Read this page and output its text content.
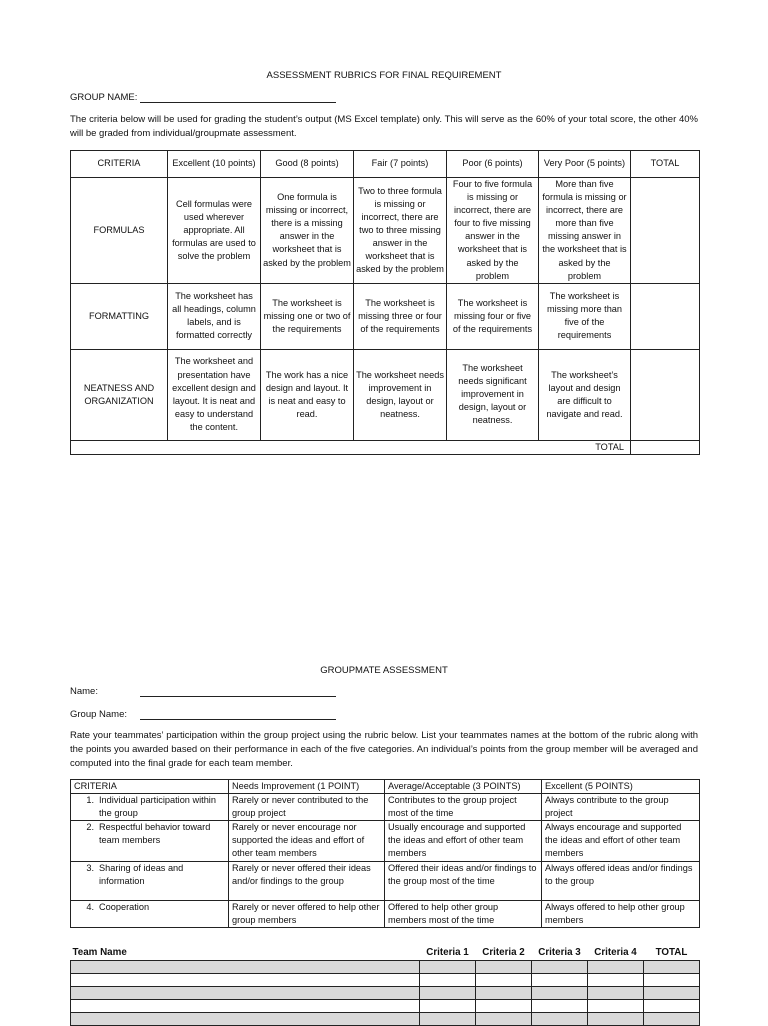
ASSESSMENT RUBRICS FOR FINAL REQUIREMENT
GROUP NAME:
The criteria below will be used for grading the student’s output (MS Excel template) only. This will serve as the 60% of your total score, the other 40% will be graded from individual/groupmate assessment.
CRITERIA	Excellent (10 points)	Good (8 points)	Fair (7 points)	Poor (6 points)	Very Poor (5 points)	TOTAL
FORMULAS	Cell formulas were used wherever appropriate. All formulas are used to solve the problem	One formula is missing or incorrect, there is a missing answer in the worksheet that is asked by the problem	Two to three formula is missing or incorrect, there are two to three missing answer in the worksheet that is asked by the problem	Four to five formula is missing or incorrect, there are four to five missing answer in the worksheet that is asked by the problem	More than five formula is missing or incorrect, there are more than five missing answer in the worksheet that is asked by the problem	
FORMATTING	The worksheet has all headings, column labels, and is formatted correctly	The worksheet is missing one or two of the requirements	The worksheet is missing three or four of the requirements	The worksheet is missing four or five of the requirements	The worksheet is missing more than five of the requirements	
NEATNESS AND ORGANIZATION	The worksheet and presentation have excellent design and layout. It is neat and easy to understand the content.	The work has a nice design and layout. It is neat and easy to read.	The worksheet needs improvement in design, layout or neatness.	The worksheet needs significant improvement in design, layout or neatness.	The worksheet’s layout and design are difficult to navigate and read.	
TOTAL						
GROUPMATE ASSESSMENT
Name:
Group Name:
Rate your teammates’ participation within the group project using the rubric below. List your teammates names at the bottom of the rubric along with the points you awarded based on their performance in each of the five categories. An individual’s points from the group member will be averaged and computed into the final grade for each team member.
CRITERIA	Needs Improvement (1 POINT)	Average/Acceptable (3 POINTS)	Excellent (5 POINTS)
1. Individual participation within the group	Rarely or never contributed to the group project	Contributes to the group project most of the time	Always contribute to the group project
2. Respectful behavior toward team members	Rarely or never encourage nor supported the ideas and effort of other team members	Usually encourage and supported the ideas and effort of other team members	Always encourage and supported the ideas and effort of other team members
3. Sharing of ideas and information	Rarely or never offered their ideas and/or findings to the group	Offered their ideas and/or findings to the group most of the time	Always offered ideas and/or findings to the group
4. Cooperation	Rarely or never offered to help other group members	Offered to help other group members most of the time	Always offered to help other group members
Team Name	Criteria 1	Criteria 2	Criteria 3	Criteria 4	TOTAL
